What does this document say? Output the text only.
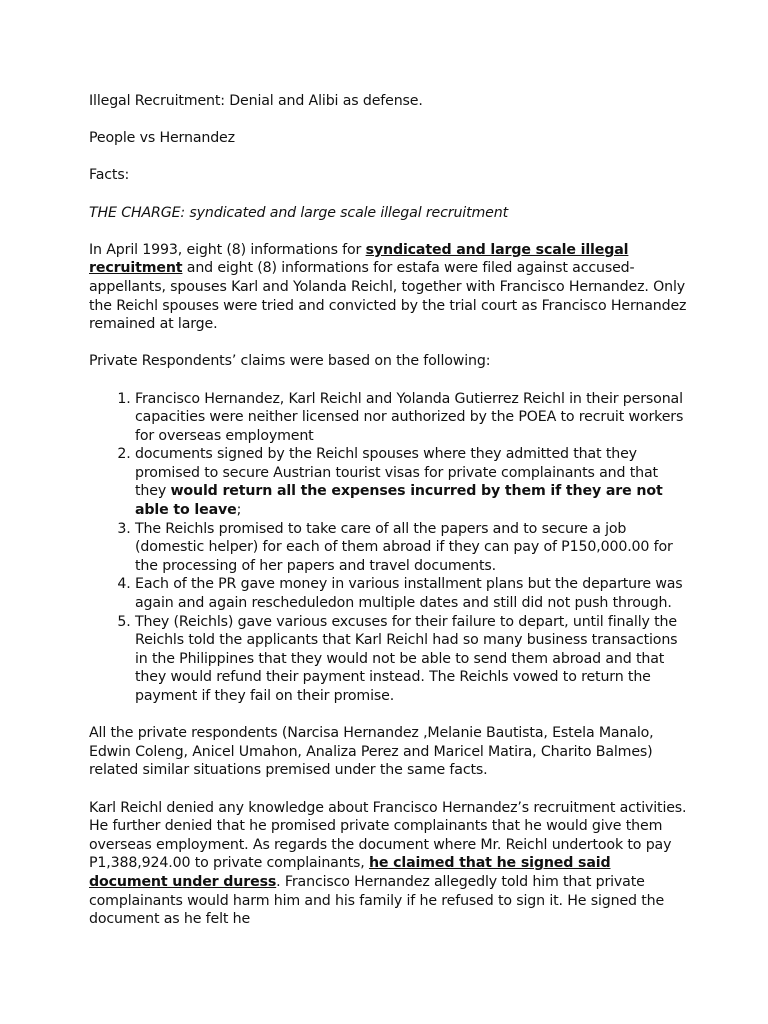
Illegal Recruitment: Denial and Alibi as defense.

People vs Hernandez

Facts:

THE CHARGE: syndicated and large scale illegal recruitment

In April 1993, eight (8) informations for syndicated and large scale illegal recruitment and eight (8) informations for estafa were filed against accused-appellants, spouses Karl and Yolanda Reichl, together with Francisco Hernandez. Only the Reichl spouses were tried and convicted by the trial court as Francisco Hernandez remained at large.

Private Respondents’ claims were based on the following:

1. Francisco Hernandez, Karl Reichl and Yolanda Gutierrez Reichl in their personal capacities were neither licensed nor authorized by the POEA to recruit workers for overseas employment
2. documents signed by the Reichl spouses where they admitted that they promised to secure Austrian tourist visas for private complainants and that they would return all the expenses incurred by them if they are not able to leave;
3. The Reichls promised to take care of all the papers and to secure a job (domestic helper) for each of them abroad if they can pay of P150,000.00 for the processing of her papers and travel documents.
4. Each of the PR gave money in various installment plans but the departure was again and again rescheduledon multiple dates and still did not push through.
5. They (Reichls) gave various excuses for their failure to depart, until finally the Reichls told the applicants that Karl Reichl had so many business transactions in the Philippines that they would not be able to send them abroad and that they would refund their payment instead. The Reichls vowed to return the payment if they fail on their promise.

All the private respondents (Narcisa Hernandez ,Melanie Bautista, Estela Manalo, Edwin Coleng, Anicel Umahon, Analiza Perez and Maricel Matira, Charito Balmes) related similar situations premised under the same facts.

Karl Reichl denied any knowledge about Francisco Hernandez’s recruitment activities. He further denied that he promised private complainants that he would give them overseas employment. As regards the document where Mr. Reichl undertook to pay P1,388,924.00 to private complainants, he claimed that he signed said document under duress. Francisco Hernandez allegedly told him that private complainants would harm him and his family if he refused to sign it. He signed the document as he felt he
